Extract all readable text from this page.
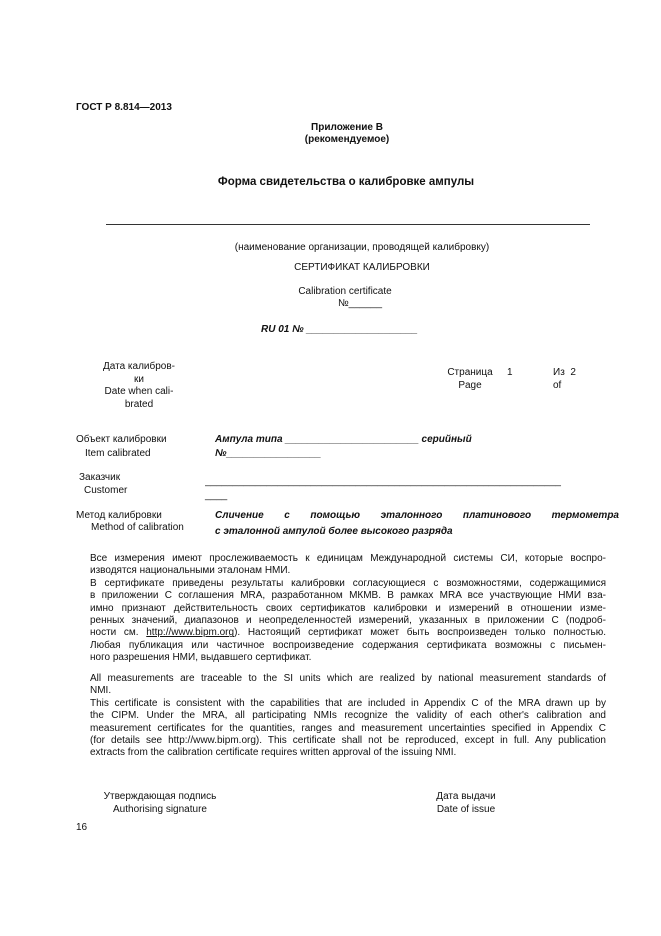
ГОСТ Р 8.814—2013
Приложение В
(рекомендуемое)
Форма свидетельства о калибровке ампулы
(наименование организации, проводящей калибровку)
СЕРТИФИКАТ КАЛИБРОВКИ
Calibration certificate
№______
RU 01 № ____________________
Дата калибров-
ки
Date when cali-
brated
Страница
Page
1	Из 2
of
Объект калибровки
Item calibrated
Ампула типа ________________________ серийный
№_________________
Заказчик
Customer
________________________________________________________________
____
Метод калибровки
Method of calibration
Сличение с помощью эталонного платинового термометра
с эталонной ампулой более высокого разряда
Все измерения имеют прослеживаемость к единицам Международной системы СИ, которые воспро-
изводятся национальными эталонам НМИ.
В сертификате приведены результаты калибровки согласующиеся с возможностями, содержащимися
в приложении С соглашения MRA, разработанном МКМВ. В рамках MRA все участвующие НМИ вза-
имно признают действительность своих сертификатов калибровки и измерений в отношении изме-
ренных значений, диапазонов и неопределенностей измерений, указанных в приложении С (подроб-
ности см. http://www.bipm.org). Настоящий сертификат может быть воспроизведен только полностью.
Любая публикация или частичное воспроизведение содержания сертификата возможны с письмен-
ного разрешения НМИ, выдавшего сертификат.
All measurements are traceable to the SI units which are realized by national measurement standards of
NMI.
This certificate is consistent with the capabilities that are included in Appendix C of the MRA drawn up by
the CIPM. Under the MRA, all participating NMIs recognize the validity of each other's calibration and
measurement certificates for the quantities, ranges and measurement uncertainties specified in Appendix C
(for details see http://www.bipm.org). This certificate shall not be reproduced, except in full. Any publication
extracts from the calibration certificate requires written approval of the issuing NMI.
Утверждающая подпись
Authorising signature
Дата выдачи
Date of issue
16
